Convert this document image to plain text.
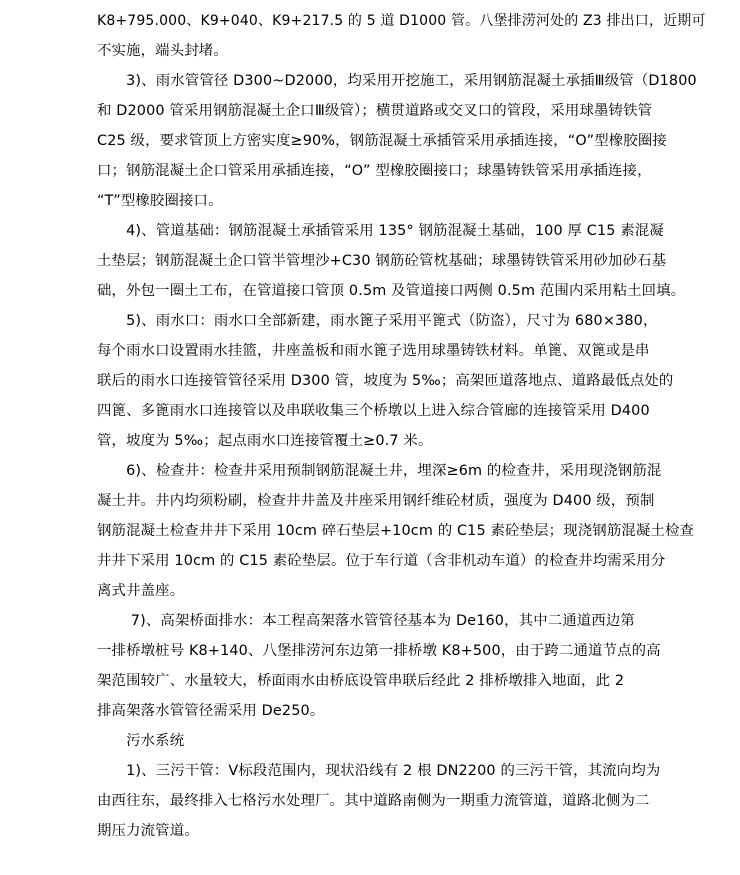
K8+795.000、K9+040、K9+217.5 的 5 道 D1000 管。八堡排涝河处的 Z3 排出口，近期可
不实施，端头封堵。

　　3)、雨水管管径 D300~D2000，均采用开挖施工，采用钢筋混凝土承插Ⅲ级管（D1800
和 D2000 管采用钢筋混凝土企口Ⅲ级管）；横贯道路或交叉口的管段，采用球墨铸铁管
C25 级，要求管顶上方密实度≥90%，钢筋混凝土承插管采用承插连接，“O”型橡胶圈接
口；钢筋混凝土企口管采用承插连接，“O” 型橡胶圈接口；球墨铸铁管采用承插连接，
“T”型橡胶圈接口。

　　4)、管道基础：钢筋混凝土承插管采用 135° 钢筋混凝土基础，100 厚 C15 素混凝
土垫层；钢筋混凝土企口管半管埋沙+C30 钢筋砼管枕基础；球墨铸铁管采用砂加砂石基
础，外包一圈土工布，在管道接口管顶 0.5m 及管道接口两侧 0.5m 范围内采用粘土回填。

　　5)、雨水口：雨水口全部新建，雨水篦子采用平篦式（防盗），尺寸为 680×380，
每个雨水口设置雨水挂篮，井座盖板和雨水篦子选用球墨铸铁材料。单篦、双篦或是串
联后的雨水口连接管管径采用 D300 管，坡度为 5‰；高架匝道落地点、道路最低点处的
四篦、多篦雨水口连接管以及串联收集三个桥墩以上进入综合管廊的连接管采用 D400
管，坡度为 5‰；起点雨水口连接管覆土≥0.7 米。

　　6)、检查井：检查井采用预制钢筋混凝土井，埋深≥6m 的检查井，采用现浇钢筋混
凝土井。井内均须粉刷，检查井井盖及井座采用钢纤维砼材质，强度为 D400 级，预制
钢筋混凝土检查井井下采用 10cm 碎石垫层+10cm 的 C15 素砼垫层；现浇钢筋混凝土检查
井井下采用 10cm 的 C15 素砼垫层。位于车行道（含非机动车道）的检查井均需采用分
离式井盖座。

　　 7)、高架桥面排水：本工程高架落水管管径基本为 De160，其中二通道西边第
一排桥墩桩号 K8+140、八堡排涝河东边第一排桥墩 K8+500，由于跨二通道节点的高
架范围较广、水量较大，桥面雨水由桥底设管串联后经此 2 排桥墩排入地面，此 2
排高架落水管管径需采用 De250。

　　污水系统

　　1)、三污干管：Ⅴ标段范围内，现状沿线有 2 根 DN2200 的三污干管，其流向均为
由西往东，最终排入七格污水处理厂。其中道路南侧为一期重力流管道，道路北侧为二
期压力流管道。
